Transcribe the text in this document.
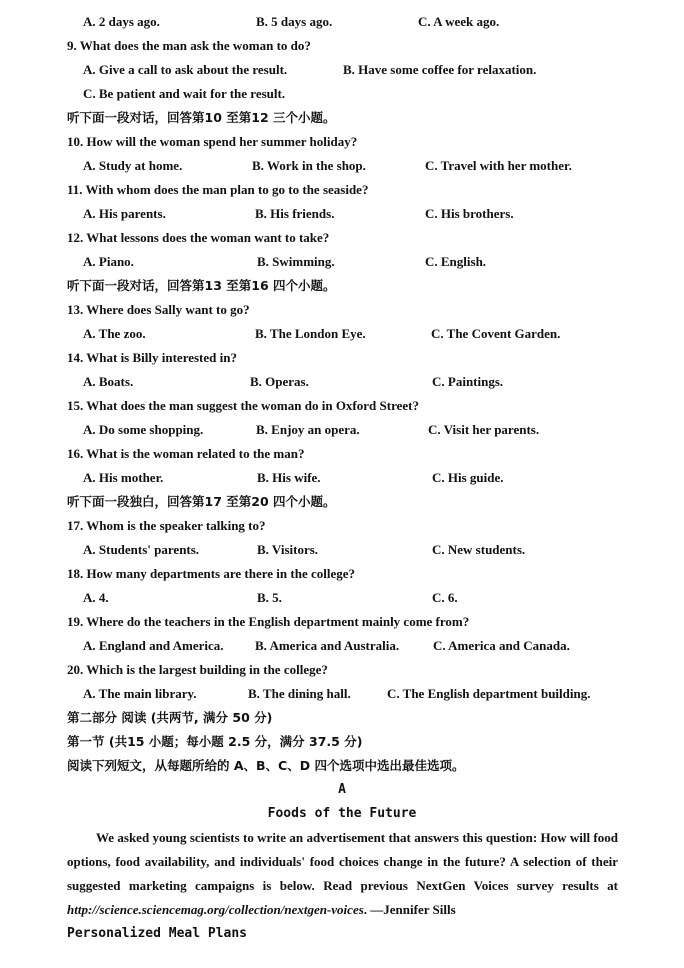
A. 2 days ago.	B. 5 days ago.	C. A week ago.
9. What does the man ask the woman to do?
A. Give a call to ask about the result.	B. Have some coffee for relaxation.
C. Be patient and wait for the result.
听下面一段对话，回答第10 至第12 三个小题。
10. How will the woman spend her summer holiday?
A. Study at home.	B. Work in the shop.	C. Travel with her mother.
11. With whom does the man plan to go to the seaside?
A. His parents.	B. His friends.	C. His brothers.
12. What lessons does the woman want to take?
A. Piano.	B. Swimming.	C. English.
听下面一段对话，回答第13 至第16 四个小题。
13. Where does Sally want to go?
A. The zoo.	B. The London Eye.	C. The Covent Garden.
14. What is Billy interested in?
A. Boats.	B. Operas.	C. Paintings.
15. What does the man suggest the woman do in Oxford Street?
A. Do some shopping.	B. Enjoy an opera.	C. Visit her parents.
16. What is the woman related to the man?
A. His mother.	B. His wife.	C. His guide.
听下面一段独白，回答第17 至第20 四个小题。
17. Whom is the speaker talking to?
A. Students' parents.	B. Visitors.	C. New students.
18. How many departments are there in the college?
A. 4.	B. 5.	C. 6.
19. Where do the teachers in the English department mainly come from?
A. England and America. B. America and Australia.	C. America and Canada.
20. Which is the largest building in the college?
A. The main library.	B. The dining hall.	C. The English department building.
第二部分 阅读 (共两节, 满分 50 分)
第一节 (共15 小题；每小题 2.5 分，满分 37.5 分)
阅读下列短文，从每题所给的 A、B、C、D 四个选项中选出最佳选项。
A
Foods of the Future
We asked young scientists to write an advertisement that answers this question: How will food options, food availability, and individuals' food choices change in the future? A selection of their suggested marketing campaigns is below. Read previous NextGen Voices survey results at http://science.sciencemag.org/collection/nextgen-voices. —Jennifer Sills
Personalized Meal Plans
